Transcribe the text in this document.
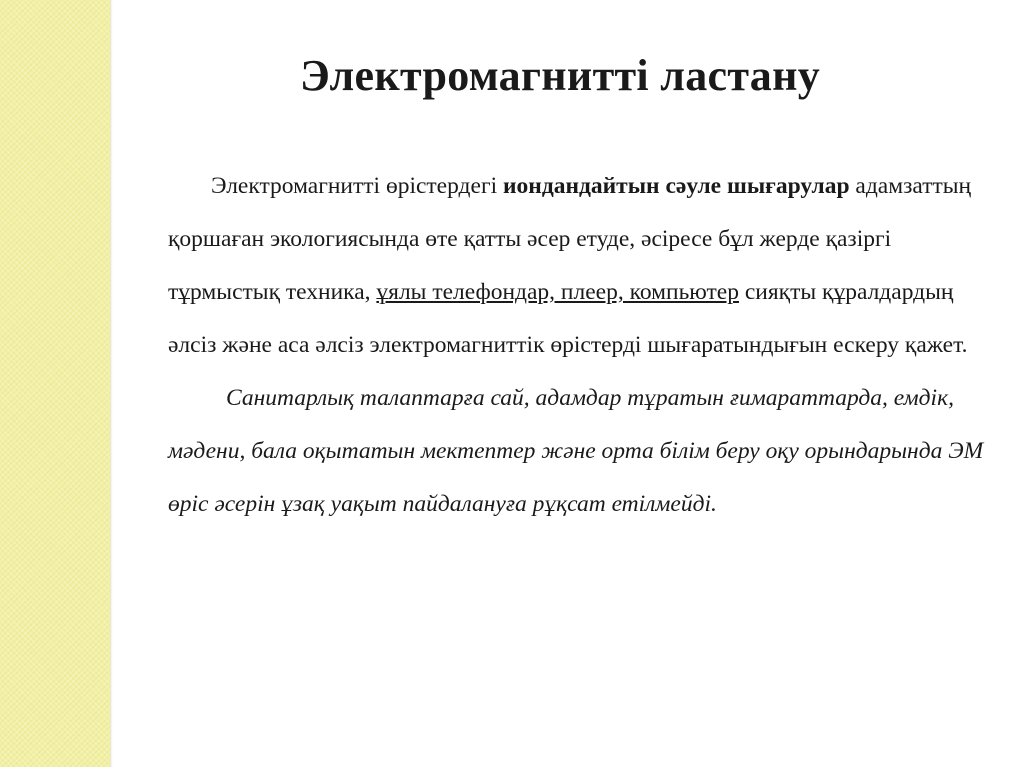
Электромагнитті ластану

Электромагнитті өрістердегі иондандайтын сәуле шығарулар адамзаттың қоршаған экологиясында өте қатты әсер етуде, әсіресе бұл жерде қазіргі тұрмыстық техника, ұялы телефондар, плеер, компьютер сияқты құралдардың әлсіз және аса әлсіз электромагниттік өрістерді шығаратындығын ескеру қажет.

Санитарлық талаптарға сай, адамдар тұратын ғимараттарда, емдік, мәдени, бала оқытатын мектептер және орта білім беру оқу орындарында ЭМ өріс әсерін ұзақ уақыт пайдалануға рұқсат етілмейді.
